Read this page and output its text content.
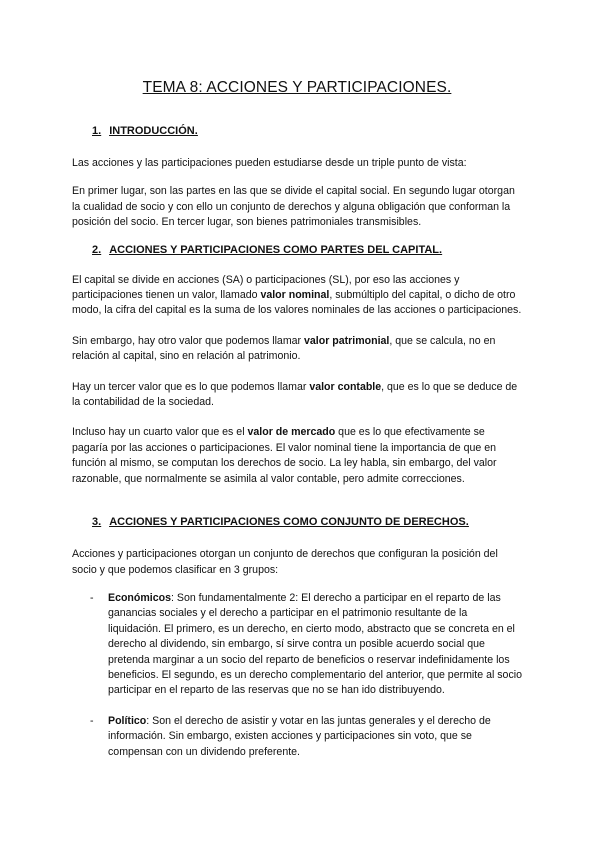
TEMA 8: ACCIONES Y PARTICIPACIONES.
1. INTRODUCCIÓN.

Las acciones y las participaciones pueden estudiarse desde un triple punto de vista:

En primer lugar, son las partes en las que se divide el capital social. En segundo lugar otorgan la cualidad de socio y con ello un conjunto de derechos y alguna obligación que conforman la posición del socio. En tercer lugar, son bienes patrimoniales transmisibles.

2. ACCIONES Y PARTICIPACIONES COMO PARTES DEL CAPITAL.

El capital se divide en acciones (SA) o participaciones (SL), por eso las acciones y participaciones tienen un valor, llamado valor nominal, submúltiplo del capital, o dicho de otro modo, la cifra del capital es la suma de los valores nominales de las acciones o participaciones.

Sin embargo, hay otro valor que podemos llamar valor patrimonial, que se calcula, no en relación al capital, sino en relación al patrimonio.

Hay un tercer valor que es lo que podemos llamar valor contable, que es lo que se deduce de la contabilidad de la sociedad.

Incluso hay un cuarto valor que es el valor de mercado que es lo que efectivamente se pagaría por las acciones o participaciones. El valor nominal tiene la importancia de que en función al mismo, se computan los derechos de socio. La ley habla, sin embargo, del valor razonable, que normalmente se asimila al valor contable, pero admite correcciones.

3. ACCIONES Y PARTICIPACIONES COMO CONJUNTO DE DERECHOS.

Acciones y participaciones otorgan un conjunto de derechos que configuran la posición del socio y que podemos clasificar en 3 grupos:

- Económicos: Son fundamentalmente 2: El derecho a participar en el reparto de las ganancias sociales y el derecho a participar en el patrimonio resultante de la liquidación. El primero, es un derecho, en cierto modo, abstracto que se concreta en el derecho al dividendo, sin embargo, sí sirve contra un posible acuerdo social que pretenda marginar a un socio del reparto de beneficios o reservar indefinidamente los beneficios. El segundo, es un derecho complementario del anterior, que permite al socio participar en el reparto de las reservas que no se han ido distribuyendo.
- Político: Son el derecho de asistir y votar en las juntas generales y el derecho de información. Sin embargo, existen acciones y participaciones sin voto, que se compensan con un dividendo preferente.
